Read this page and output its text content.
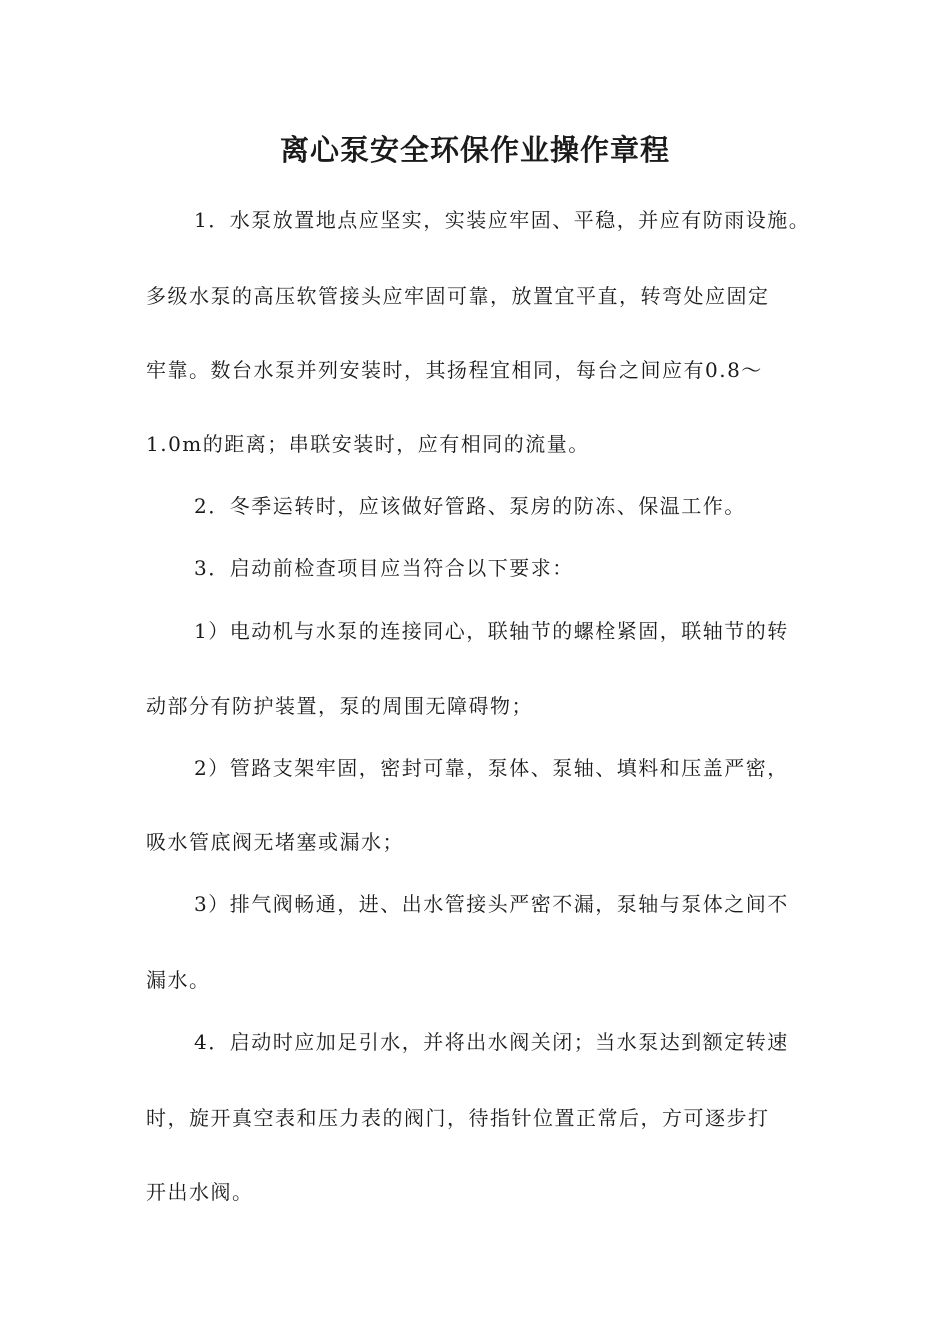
离心泵安全环保作业操作章程
1．水泵放置地点应坚实，实装应牢固、平稳，并应有防雨设施。
多级水泵的高压软管接头应牢固可靠，放置宜平直，转弯处应固定
牢靠。数台水泵并列安装时，其扬程宜相同，每台之间应有0.8～
1.0m的距离；串联安装时，应有相同的流量。
2．冬季运转时，应该做好管路、泵房的防冻、保温工作。
3．启动前检查项目应当符合以下要求：
1）电动机与水泵的连接同心，联轴节的螺栓紧固，联轴节的转
动部分有防护装置，泵的周围无障碍物；
2）管路支架牢固，密封可靠，泵体、泵轴、填料和压盖严密，
吸水管底阀无堵塞或漏水；
3）排气阀畅通，进、出水管接头严密不漏，泵轴与泵体之间不
漏水。
4．启动时应加足引水，并将出水阀关闭；当水泵达到额定转速
时，旋开真空表和压力表的阀门，待指针位置正常后，方可逐步打
开出水阀。
